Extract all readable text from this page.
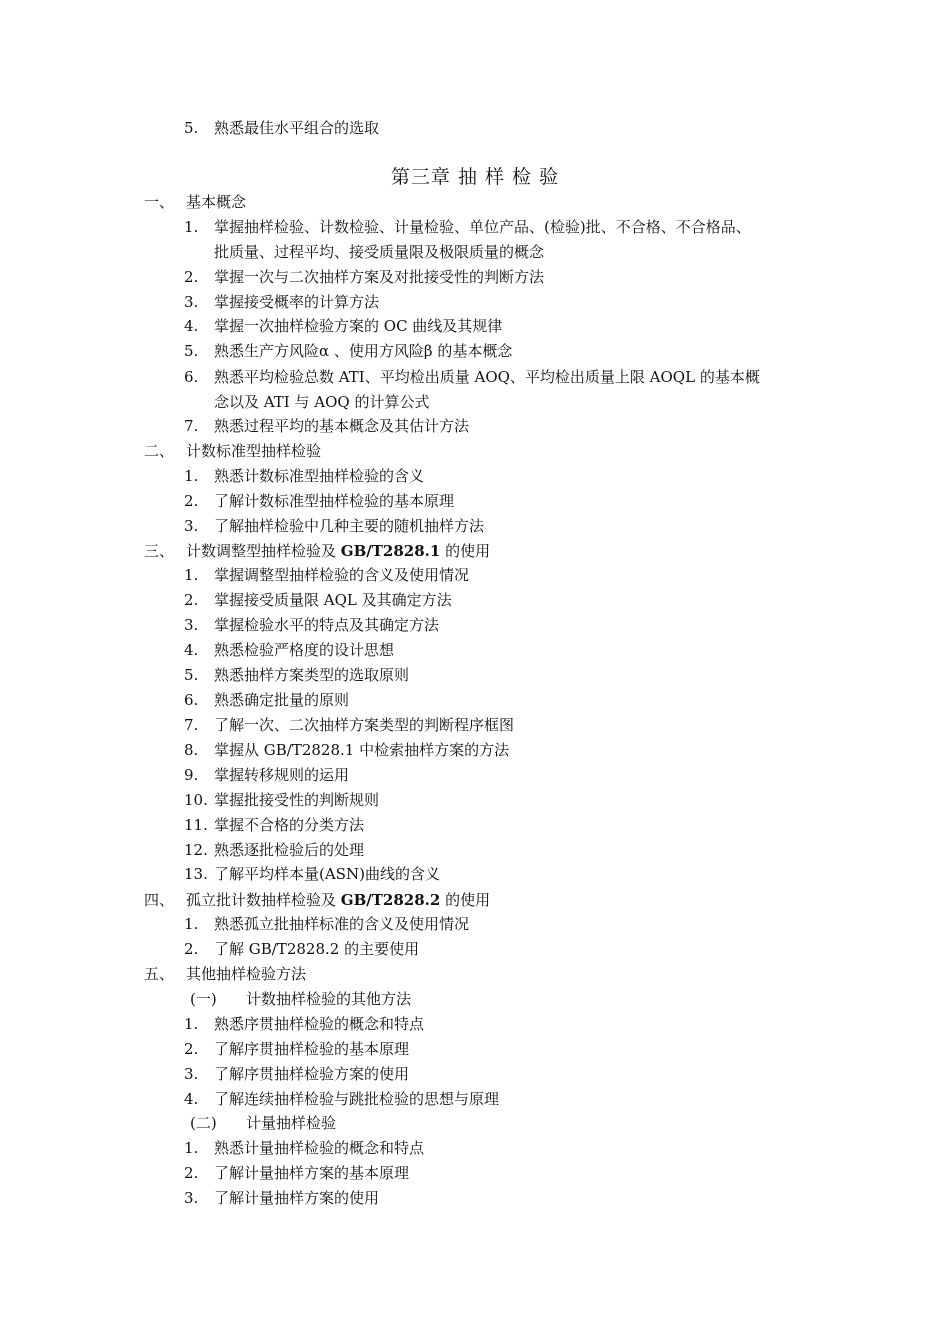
5. 熟悉最佳水平组合的选取
第三章 抽 样 检 验
一、 基本概念
1. 掌握抽样检验、计数检验、计量检验、单位产品、(检验)批、不合格、不合格品、
批质量、过程平均、接受质量限及极限质量的概念
2. 掌握一次与二次抽样方案及对批接受性的判断方法
3. 掌握接受概率的计算方法
4. 掌握一次抽样检验方案的 OC 曲线及其规律
5. 熟悉生产方风险α 、使用方风险β 的基本概念
6. 熟悉平均检验总数 ATI、平均检出质量 AOQ、平均检出质量上限 AOQL 的基本概
念以及 ATI 与 AOQ 的计算公式
7. 熟悉过程平均的基本概念及其估计方法
二、 计数标准型抽样检验
1. 熟悉计数标准型抽样检验的含义
2. 了解计数标准型抽样检验的基本原理
3. 了解抽样检验中几种主要的随机抽样方法
三、 计数调整型抽样检验及 GB/T2828.1 的使用
1. 掌握调整型抽样检验的含义及使用情况
2. 掌握接受质量限 AQL 及其确定方法
3. 掌握检验水平的特点及其确定方法
4. 熟悉检验严格度的设计思想
5. 熟悉抽样方案类型的选取原则
6. 熟悉确定批量的原则
7. 了解一次、二次抽样方案类型的判断程序框图
8. 掌握从 GB/T2828.1 中检索抽样方案的方法
9. 掌握转移规则的运用
10. 掌握批接受性的判断规则
11. 掌握不合格的分类方法
12. 熟悉逐批检验后的处理
13. 了解平均样本量(ASN)曲线的含义
四、 孤立批计数抽样检验及 GB/T2828.2 的使用
1. 熟悉孤立批抽样标准的含义及使用情况
2. 了解 GB/T2828.2 的主要使用
五、 其他抽样检验方法
(一) 计数抽样检验的其他方法
1. 熟悉序贯抽样检验的概念和特点
2. 了解序贯抽样检验的基本原理
3. 了解序贯抽样检验方案的使用
4. 了解连续抽样检验与跳批检验的思想与原理
(二) 计量抽样检验
1. 熟悉计量抽样检验的概念和特点
2. 了解计量抽样方案的基本原理
3. 了解计量抽样方案的使用
